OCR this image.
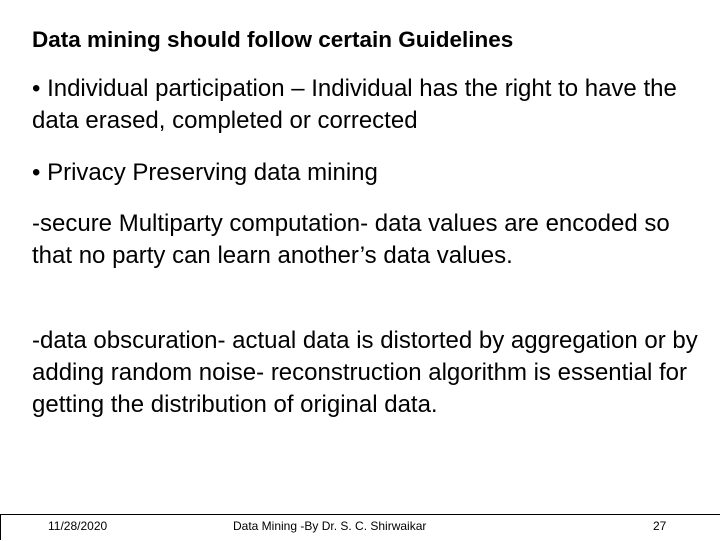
Data mining should follow certain Guidelines
• Individual participation – Individual has the right to have the data erased, completed or corrected
• Privacy Preserving data mining
-secure Multiparty computation- data values are encoded so that no party can learn another’s data values.
-data obscuration- actual data is distorted by aggregation or by adding random noise- reconstruction algorithm is essential for getting the distribution of original data.
11/28/2020	Data Mining -By Dr. S. C. Shirwaikar	27
